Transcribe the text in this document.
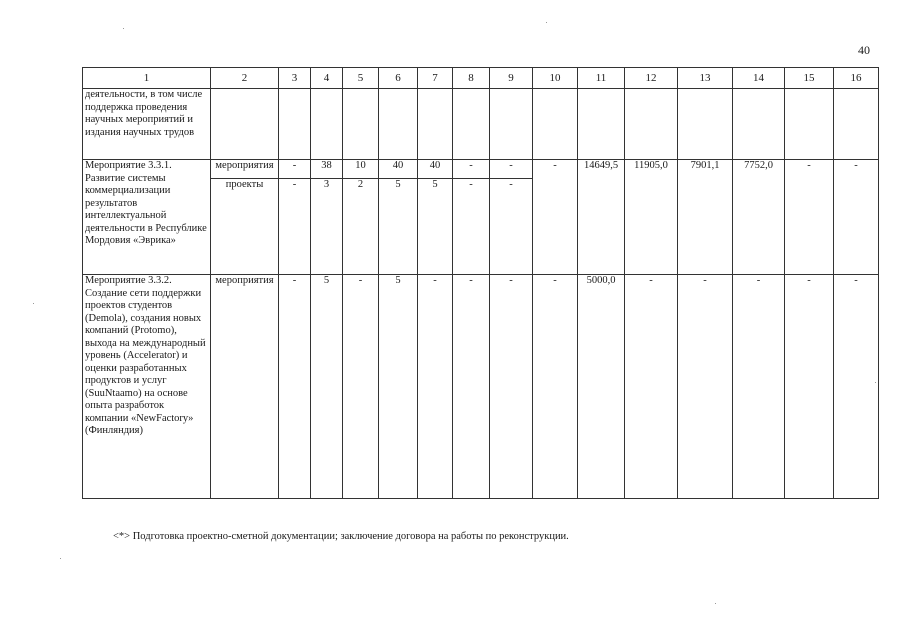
40
1	2	3	4	5	6	7	8	9	10	11	12	13	14	15	16
деятельности, в том числе поддержка проведения научных мероприятий и издания научных трудов															
Мероприятие 3.3.1. Развитие системы коммерциализации результатов интеллектуальной деятельности в Республике Мордовия «Эврика»	мероприятия	-	38	10	40	40	-	-	-	14649,5	11905,0	7901,1	7752,0	-	-
	проекты	-	3	2	5	5	-	-							
Мероприятие 3.3.2. Создание сети поддержки проектов студентов (Demola), создания новых компаний (Protomo), выхода на международный уровень (Accelerator) и оценки разработанных продуктов и услуг (SuuNtaamo) на основе опыта разработок компании «NewFactory» (Финляндия)	мероприятия	-	5	-	5	-	-	-	-	5000,0	-	-	-	-	-
<*> Подготовка проектно-сметной документации; заключение договора на работы по реконструкции.
